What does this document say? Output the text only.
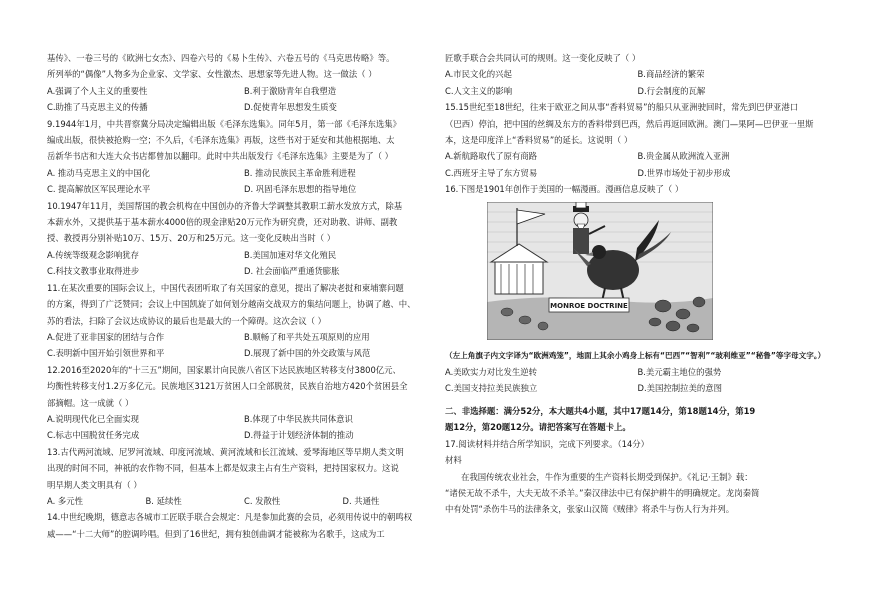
基传》、一卷三号的《欧洲七女杰》、四卷六号的《易卜生传》、六卷五号的《马克思传略》等。
所列举的“偶像”人物多为企业家、文学家、女性激杰、思想家等先进人物。这一做法（ ）
A.强调了个人主义的重要性	B.利于激励青年自我塑造
C.助推了马克思主义的传播	D.促使青年思想发生质变
9.1944年1月，中共晋察冀分局决定编辑出版《毛泽东选集》。同年5月，第一部《毛泽东选集》
编成出版，很快被抢购一空；不久后，《毛泽东选集》再版，这些书对于延安和其他根据地、太
岳新华书店和大连大众书店都曾加以翻印。此时中共出版发行《毛泽东选集》主要是为了（ ）
A. 推动马克思主义的中国化	B. 推动民族民主革命胜利进程
C. 提高解放区军民理论水平	D. 巩固毛泽东思想的指导地位
10.1947年11月，美国帮国的教会机构在中国创办的齐鲁大学调整其教职工薪水发放方式，除基
本薪水外，又提供基于基本薪水4000倍的现金津贴20万元作为研究费，还对助教、讲师、副教
授、教授再分别补贴10万、15万、20万和25万元。这一变化反映出当时（ ）
A.传统等级观念影响犹存	B.美国加速对华文化殖民
C.科技文教事业取得进步	D. 社会面临严重通货膨胀
11.在某次重要的国际会议上，中国代表团听取了有关国家的意见，提出了解决老挝和柬埔寨问题
的方案，得到了广泛赞同；会议上中国凯旋了如何划分越南交战双方的集结问题上，协调了越、中、
苏的看法，扫除了会议达成协议的最后也是最大的一个障碍。这次会议（ ）
A.促进了亚非国家的团结与合作	B.顺畅了和平共处五项原则的应用
C.表明新中国开始引领世界和平	D.展现了新中国的外交政策与风范
12.2016至2020年的“十三五”期间，国家累计向民族八省区下达民族地区转移支付3800亿元、
均衡性转移支付1.2万多亿元。民族地区3121万贫困人口全部脱贫，民族自治地方420个贫困县全
部摘帽。这一成就（ ）
A.说明现代化已全面实现	B.体现了中华民族共同体意识
C.标志中国脱贫任务完成	D.得益于计划经济体制的推动
13.古代两河流域、尼罗河流域、印度河流域、黄河流域和长江流域、爱琴海地区等早期人类文明
出现的时间不同，神祇的农作物不同，但基本上都是奴隶主占有生产资料，把持国家权力。这说
明早期人类文明具有（ ）
A. 多元性	B. 延续性	C. 发散性	D. 共通性
14.中世纪晚期，德意志各城市工匠联手联合会规定：凡是参加此赛的会员，必须用传说中的朝鸣权
威——“十二大师”的腔调吟唱。但到了16世纪，拥有独创曲调才能被称为名歌手，这成为工
匠歌手联合会共同认可的规则。这一变化反映了（ ）
A.市民文化的兴起	B.商品经济的繁荣
C.人文主义的影响	D.行会制度的瓦解
15.15世纪至18世纪，往来于欧亚之间从事“香料贸易”的船只从亚洲驶回时，常先到巴伊亚港口
（巴西）停泊，把中国的丝绸及东方的香料带到巴西，然后再返回欧洲。澳门—果阿—巴伊亚一里斯
本，这是印度洋上“香料贸易”的延长。这说明（ ）
A.新航路取代了原有商路	B.贵金属从欧洲流入亚洲
C.西班牙主导了东方贸易	D.世界市场处于初步形成
16.下图是1901年创作于美国的一幅漫画。漫画信息反映了（ ）
MONROE DOCTRINE
（左上角旗子内文字译为“欧洲鸡笼”，地面上其余小鸡身上标有“巴西”“智利”“玻利维亚”“秘鲁”等字母文字。）
A.美欧实力对比发生逆转	B.美元霸主地位的强势
C.美国支持拉美民族独立	D.美国控制拉美的意图
二、非选择题：满分52分，本大题共4小题，其中17题14分，第18题14分，第19
题12分，第20题12分。请把答案写在答题卡上。
17.阅读材料并结合所学知识，完成下列要求。（14分）
材料
在我国传统农业社会，牛作为重要的生产资料长期受到保护。《礼记·王制》载：
“诸侯无故不杀牛，大夫无故不杀羊。”秦汉律法中已有保护耕牛的明确规定。龙岗秦简
中有处罚“杀伤牛马的法律条文，张家山汉简《贼律》将杀牛与伤人行为并列。
